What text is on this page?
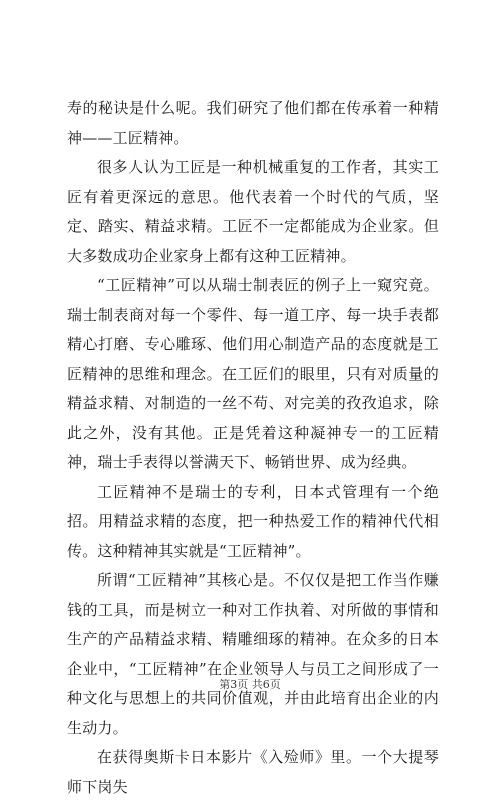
寿的秘诀是什么呢。我们研究了他们都在传承着一种精神——工匠精神。

很多人认为工匠是一种机械重复的工作者，其实工匠有着更深远的意思。他代表着一个时代的气质，坚定、踏实、精益求精。工匠不一定都能成为企业家。但大多数成功企业家身上都有这种工匠精神。

“工匠精神”可以从瑞士制表匠的例子上一窥究竟。瑞士制表商对每一个零件、每一道工序、每一块手表都精心打磨、专心雕琢、他们用心制造产品的态度就是工匠精神的思维和理念。在工匠们的眼里，只有对质量的精益求精、对制造的一丝不苟、对完美的孜孜追求，除此之外，没有其他。正是凭着这种凝神专一的工匠精神，瑞士手表得以誉满天下、畅销世界、成为经典。

工匠精神不是瑞士的专利，日本式管理有一个绝招。用精益求精的态度，把一种热爱工作的精神代代相传。这种精神其实就是“工匠精神”。

所谓“工匠精神”其核心是。不仅仅是把工作当作赚钱的工具，而是树立一种对工作执着、对所做的事情和生产的产品精益求精、精雕细琢的精神。在众多的日本企业中，“工匠精神”在企业领导人与员工之间形成了一种文化与思想上的共同价值观，并由此培育出企业的内生动力。

在获得奥斯卡日本影片《入殓师》里。一个大提琴师下岗失

第3页 共6页
